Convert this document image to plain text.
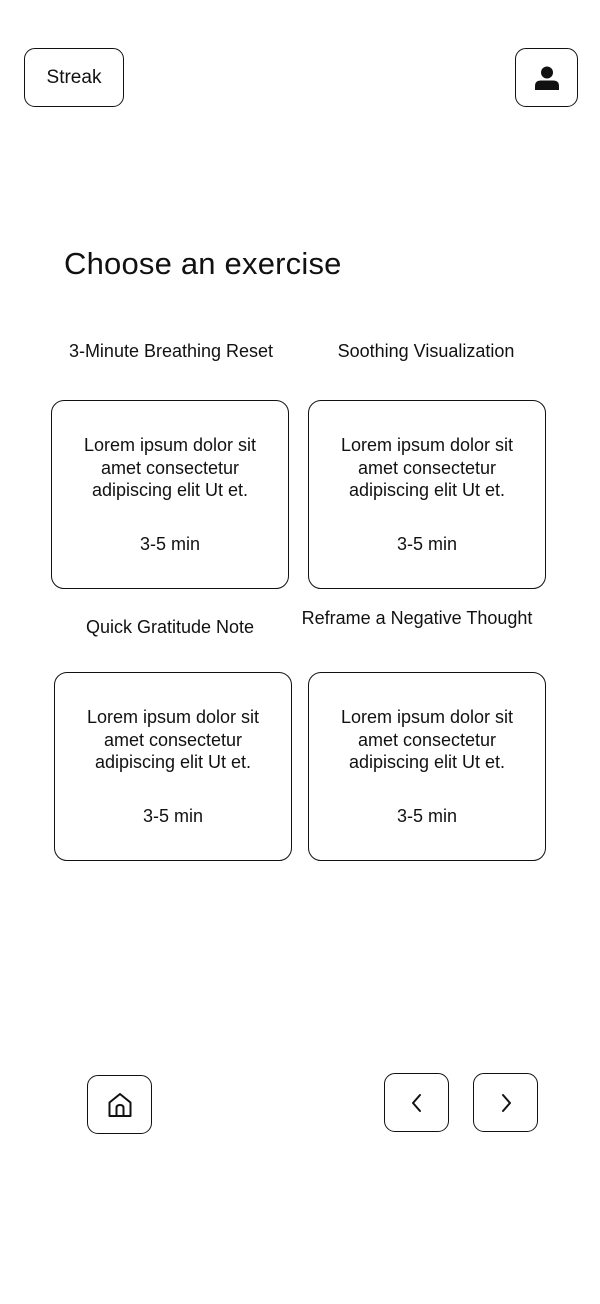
Streak
Choose an exercise
3-Minute Breathing Reset
Lorem ipsum dolor sit amet consectetur adipiscing elit Ut et.
3-5 min
Soothing Visualization
Lorem ipsum dolor sit amet consectetur adipiscing elit Ut et.
3-5 min
Quick Gratitude Note
Lorem ipsum dolor sit amet consectetur adipiscing elit Ut et.
3-5 min
Reframe a Negative Thought
Lorem ipsum dolor sit amet consectetur adipiscing elit Ut et.
3-5 min
